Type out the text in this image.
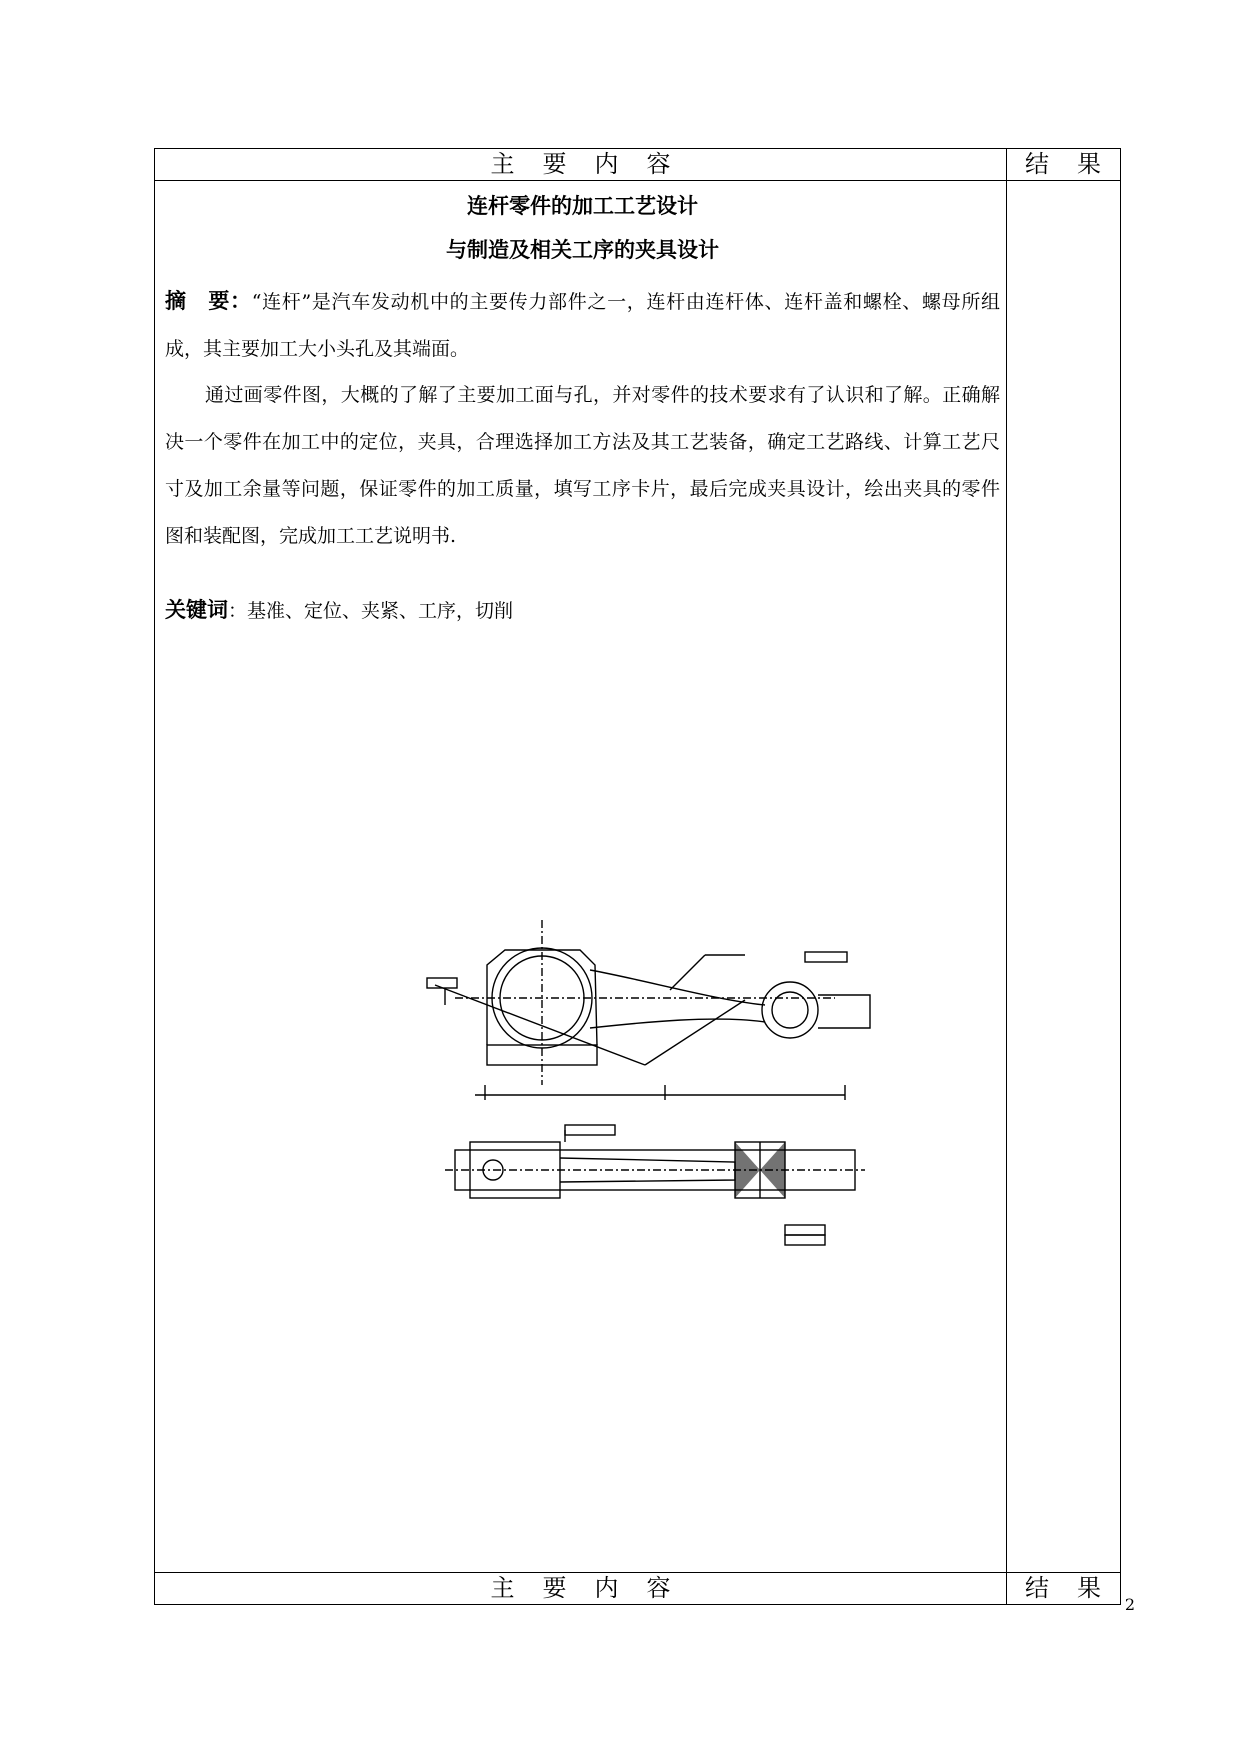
主 要 内 容	结 果
连杆零件的加工工艺设计
与制造及相关工序的夹具设计
摘　要：“连杆”是汽车发动机中的主要传力部件之一，连杆由连杆体、连杆盖和螺栓、螺母所组成，其主要加工大小头孔及其端面。
通过画零件图，大概的了解了主要加工面与孔，并对零件的技术要求有了认识和了解。正确解决一个零件在加工中的定位，夹具，合理选择加工方法及其工艺装备，确定工艺路线、计算工艺尺寸及加工余量等问题，保证零件的加工质量，填写工序卡片，最后完成夹具设计，绘出夹具的零件图和装配图，完成加工工艺说明书.
关键词：基准、定位、夹紧、工序，切削
主 要 内 容	结 果
2
